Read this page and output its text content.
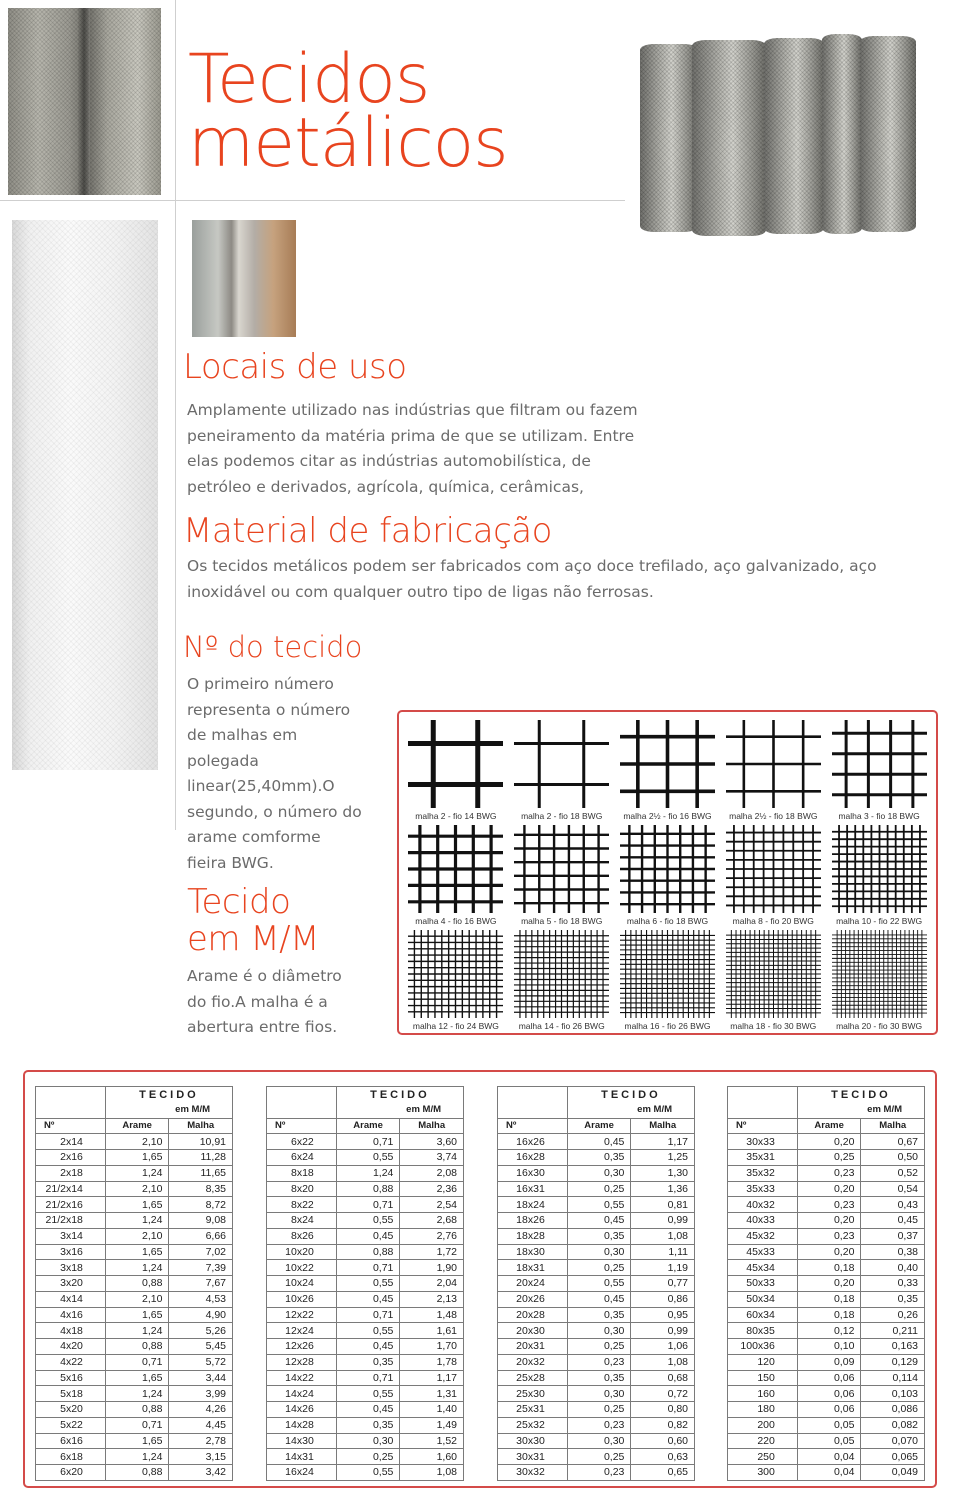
Tecidos
metálicos
Locais de uso
Amplamente utilizado nas indústrias que filtram ou fazem peneiramento da matéria prima de que se utilizam. Entre elas podemos citar as indústrias automobilística, de petróleo e derivados, agrícola, química, cerâmicas,
Material de fabricação
Os tecidos metálicos podem ser fabricados com aço doce trefilado, aço galvanizado, aço inoxidável ou com qualquer outro tipo de ligas não ferrosas.
Nº do tecido
O primeiro número representa o número de malhas em polegada linear(25,40mm).O segundo, o número do arame comforme fieira BWG.
Tecido
em M/M
Arame é o diâmetro do fio.A malha é a abertura entre fios.
malha 2 - fio 14 BWG	malha 2 - fio 18 BWG malha 2½ - fio 16 BWG malha 2½ - fio 18 BWG malha 3 - fio 18 BWG
malha 4 - fio 16 BWG	malha 5 - fio 18 BWG	malha 6 - fio 18 BWG	malha 8 - fio 20 BWG	malha 10 - fio 22 BWG
malha 12 - fio 24 BWG malha 14 - fio 26 BWG malha 16 - fio 26 BWG malha 18 - fio 30 BWG malha 20 - fio 30 BWG
	TECIDO	
	em M/M	
Nº	Arame	Malha
2x14	2,10	10,91
2x16	1,65	11,28
2x18	1,24	11,65
21/2x14	2,10	8,35
21/2x16	1,65	8,72
21/2x18	1,24	9,08
3x14	2,10	6,66
3x16	1,65	7,02
3x18	1,24	7,39
3x20	0,88	7,67
4x14	2,10	4,53
4x16	1,65	4,90
4x18	1,24	5,26
4x20	0,88	5,45
4x22	0,71	5,72
5x16	1,65	3,44
5x18	1,24	3,99
5x20	0,88	4,26
5x22	0,71	4,45
6x16	1,65	2,78
6x18	1,24	3,15
6x20	0,88	3,42
	TECIDO	
	em M/M	
Nº	Arame	Malha
6x22	0,71	3,60
6x24	0,55	3,74
8x18	1,24	2,08
8x20	0,88	2,36
8x22	0,71	2,54
8x24	0,55	2,68
8x26	0,45	2,76
10x20	0,88	1,72
10x22	0,71	1,90
10x24	0,55	2,04
10x26	0,45	2,13
12x22	0,71	1,48
12x24	0,55	1,61
12x26	0,45	1,70
12x28	0,35	1,78
14x22	0,71	1,17
14x24	0,55	1,31
14x26	0,45	1,40
14x28	0,35	1,49
14x30	0,30	1,52
14x31	0,25	1,60
16x24	0,55	1,08
	TECIDO	
	em M/M	
Nº	Arame	Malha
16x26	0,45	1,17
16x28	0,35	1,25
16x30	0,30	1,30
16x31	0,25	1,36
18x24	0,55	0,81
18x26	0,45	0,99
18x28	0,35	1,08
18x30	0,30	1,11
18x31	0,25	1,19
20x24	0,55	0,77
20x26	0,45	0,86
20x28	0,35	0,95
20x30	0,30	0,99
20x31	0,25	1,06
20x32	0,23	1,08
25x28	0,35	0,68
25x30	0,30	0,72
25x31	0,25	0,80
25x32	0,23	0,82
30x30	0,30	0,60
30x31	0,25	0,63
30x32	0,23	0,65
	TECIDO	
	em M/M	
Nº	Arame	Malha
30x33	0,20	0,67
35x31	0,25	0,50
35x32	0,23	0,52
35x33	0,20	0,54
40x32	0,23	0,43
40x33	0,20	0,45
45x32	0,23	0,37
45x33	0,20	0,38
45x34	0,18	0,40
50x33	0,20	0,33
50x34	0,18	0,35
60x34	0,18	0,26
80x35	0,12	0,211
100x36	0,10	0,163
120	0,09	0,129
150	0,06	0,114
160	0,06	0,103
180	0,06	0,086
200	0,05	0,082
220	0,05	0,070
250	0,04	0,065
300	0,04	0,049
